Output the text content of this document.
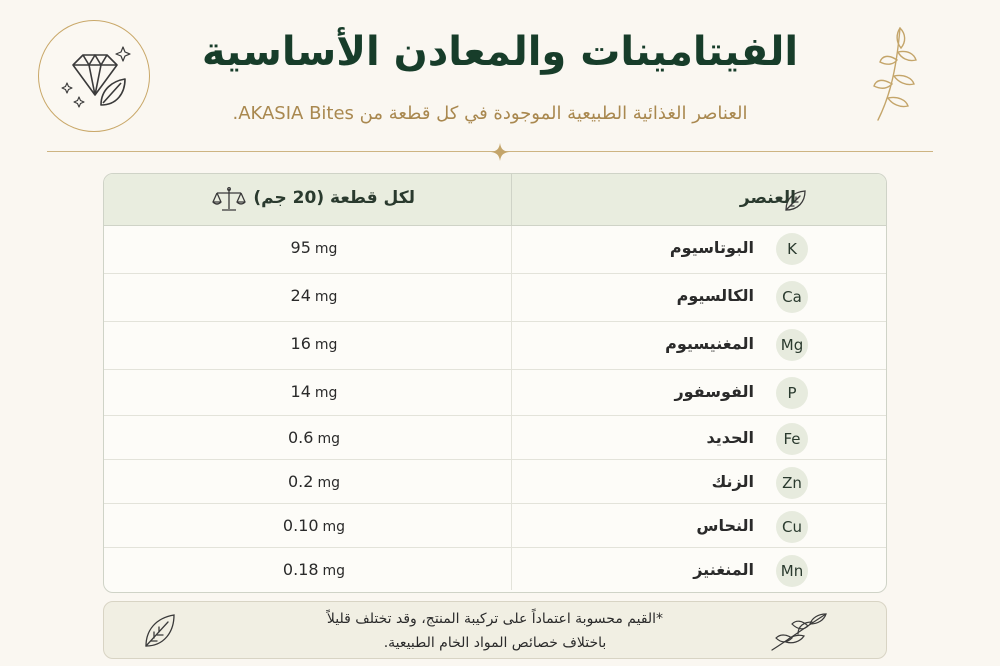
الفيتامينات والمعادن الأساسية
العناصر الغذائية الطبيعية الموجودة في كل قطعة من AKASIA Bites.
لكل قطعة (20 جم)	العنصر
95 mg	البوتاسيوم	K
24 mg	الكالسيوم	Ca
16 mg	المغنيسيوم	Mg
14 mg	الفوسفور	P
0.6 mg	الحديد	Fe
0.2 mg	الزنك	Zn
0.10 mg	النحاس	Cu
0.18 mg	المنغنيز	Mn
*القيم محسوبة اعتماداً على تركيبة المنتج، وقد تختلف قليلاً
باختلاف خصائص المواد الخام الطبيعية.
